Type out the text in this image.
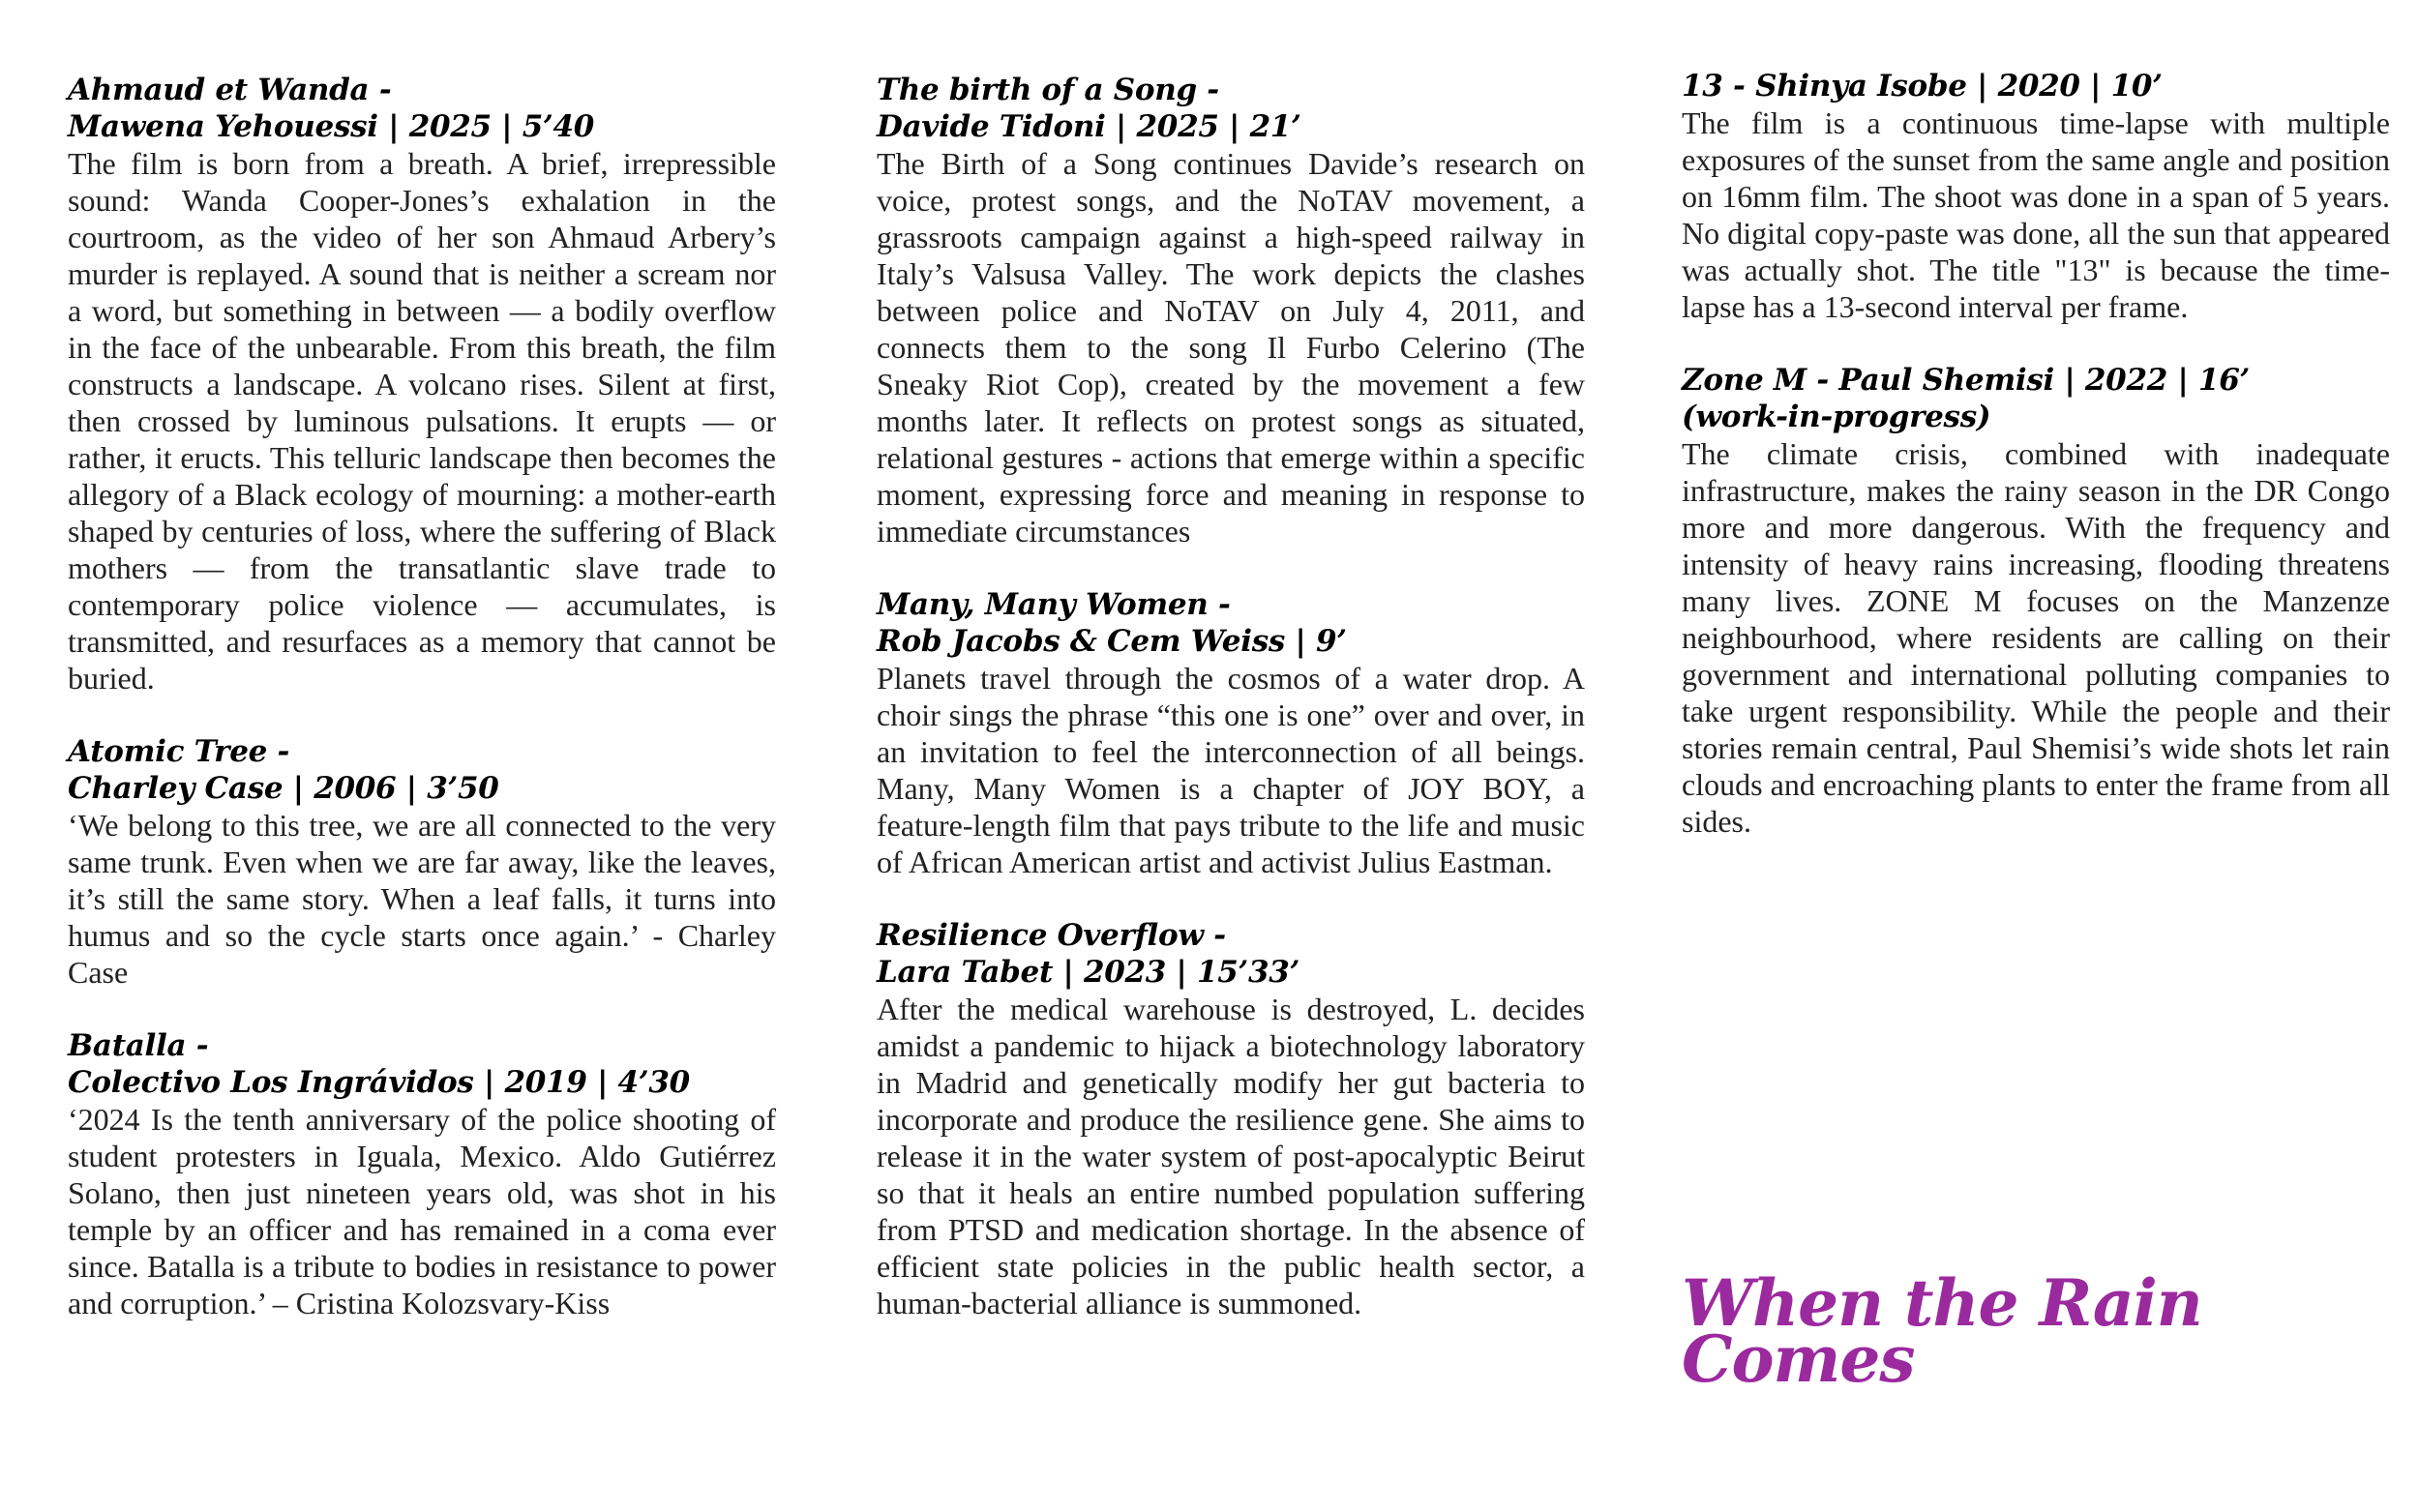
Ahmaud et Wanda -
Mawena Yehouessi | 2025 | 5’40

The film is born from a breath. A brief, irrepressible sound: Wanda Cooper-Jones’s exhalation in the courtroom, as the video of her son Ahmaud Arbery’s murder is replayed. A sound that is neither a scream nor a word, but something in between — a bodily overflow in the face of the unbearable. From this breath, the film constructs a landscape. A volcano rises. Silent at first, then crossed by luminous pulsations. It erupts — or rather, it eructs. This telluric landscape then becomes the allegory of a Black ecology of mourning: a mother-earth shaped by centuries of loss, where the suffering of Black mothers — from the transatlantic slave trade to contemporary police violence — accumulates, is transmitted, and resurfaces as a memory that cannot be buried.

Atomic Tree -
Charley Case | 2006 | 3’50

‘We belong to this tree, we are all connected to the very same trunk. Even when we are far away, like the leaves, it’s still the same story. When a leaf falls, it turns into humus and so the cycle starts once again.’ - Charley Case

Batalla -
Colectivo Los Ingrávidos | 2019 | 4’30

‘2024 Is the tenth anniversary of the police shooting of student protesters in Iguala, Mexico. Aldo Gutiérrez Solano, then just nineteen years old, was shot in his temple by an officer and has remained in a coma ever since. Batalla is a tribute to bodies in resistance to power and corruption.’ – Cristina Kolozsvary-Kiss

The birth of a Song -
Davide Tidoni | 2025 | 21’

The Birth of a Song continues Davide’s research on voice, protest songs, and the NoTAV movement, a grassroots campaign against a high-speed railway in Italy’s Valsusa Valley. The work depicts the clashes between police and NoTAV on July 4, 2011, and connects them to the song Il Furbo Celerino (The Sneaky Riot Cop), created by the movement a few months later. It reflects on protest songs as situated, relational gestures - actions that emerge within a specific moment, expressing force and meaning in response to immediate circumstances

Many, Many Women -
Rob Jacobs & Cem Weiss | 9’

Planets travel through the cosmos of a water drop. A choir sings the phrase “this one is one” over and over, in an invitation to feel the interconnection of all beings. Many, Many Women is a chapter of JOY BOY, a feature-length film that pays tribute to the life and music of African American artist and activist Julius Eastman.

Resilience Overflow -
Lara Tabet | 2023 | 15’33’

After the medical warehouse is destroyed, L. decides amidst a pandemic to hijack a biotechnology laboratory in Madrid and genetically modify her gut bacteria to incorporate and produce the resilience gene. She aims to release it in the water system of post-apocalyptic Beirut so that it heals an entire numbed population suffering from PTSD and medication shortage. In the absence of efficient state policies in the public health sector, a human-bacterial alliance is summoned.

13 - Shinya Isobe | 2020 | 10’

The film is a continuous time-lapse with multiple exposures of the sunset from the same angle and position on 16mm film. The shoot was done in a span of 5 years. No digital copy-paste was done, all the sun that appeared was actually shot. The title "13" is because the time-lapse has a 13-second interval per frame.

Zone M - Paul Shemisi | 2022 | 16’
(work-in-progress)

The climate crisis, combined with inadequate infrastructure, makes the rainy season in the DR Congo more and more dangerous. With the frequency and intensity of heavy rains increasing, flooding threatens many lives. ZONE M focuses on the Manzenze neighbourhood, where residents are calling on their government and international polluting companies to take urgent responsibility. While the people and their stories remain central, Paul Shemisi’s wide shots let rain clouds and encroaching plants to enter the frame from all sides.

When the Rain
Comes
